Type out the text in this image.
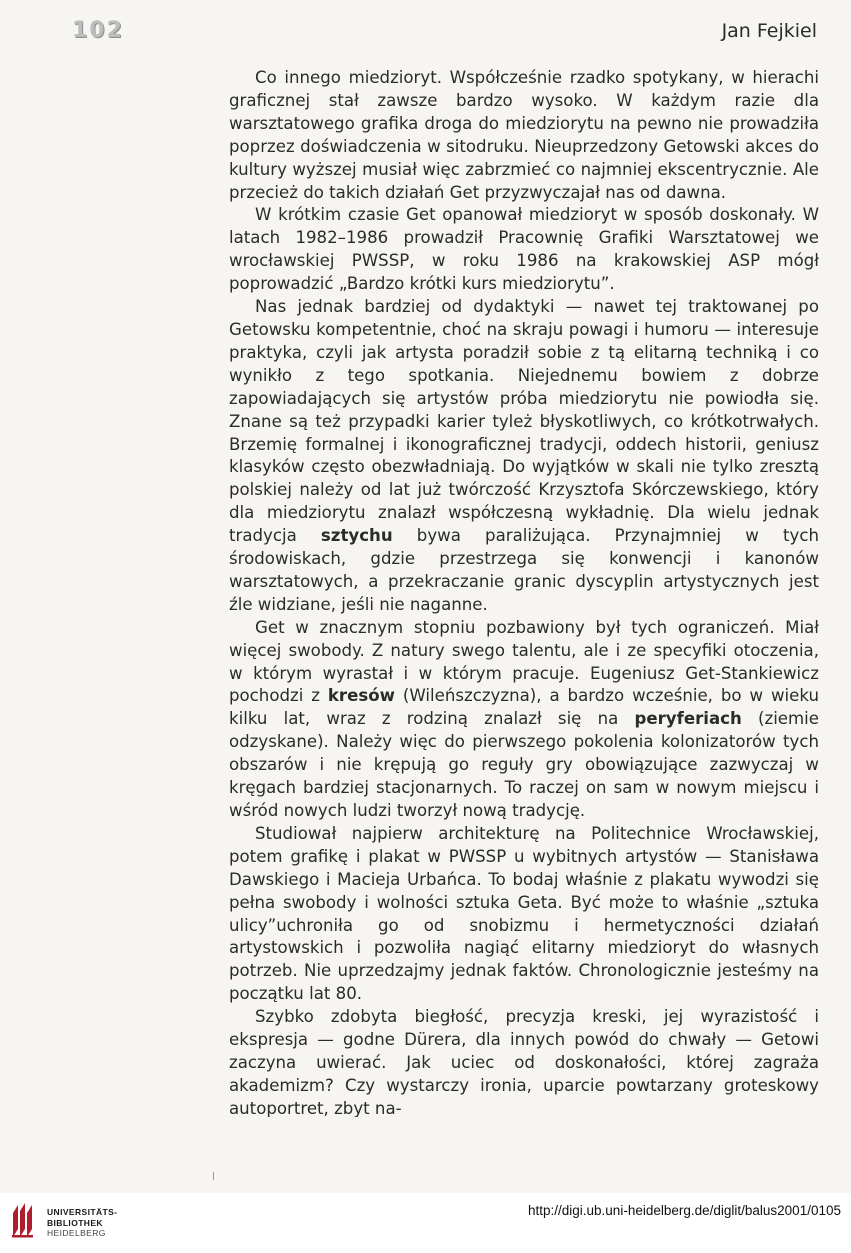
102	Jan Fejkiel

Co innego miedzioryt. Współcześnie rzadko spotykany, w hierachi graficznej stał zawsze bardzo wysoko. W każdym razie dla warsztatowego grafika droga do miedziorytu na pewno nie prowadziła poprzez doświadczenia w sitodruku. Nieuprzedzony Getowski akces do kultury wyższej musiał więc zabrzmieć co najmniej ekscentrycznie. Ale przecież do takich działań Get przyzwyczajał nas od dawna.

W krótkim czasie Get opanował miedzioryt w sposób doskonały. W latach 1982–1986 prowadził Pracownię Grafiki Warsztatowej we wrocławskiej PWSSP, w roku 1986 na krakowskiej ASP mógł poprowadzić „Bardzo krótki kurs miedziorytu”.

Nas jednak bardziej od dydaktyki — nawet tej traktowanej po Getowsku kompetentnie, choć na skraju powagi i humoru — interesuje praktyka, czyli jak artysta poradził sobie z tą elitarną techniką i co wynikło z tego spotkania. Niejednemu bowiem z dobrze zapowiadających się artystów próba miedziorytu nie powiodła się. Znane są też przypadki karier tyleż błyskotliwych, co krótkotrwałych. Brzemię formalnej i ikonograficznej tradycji, oddech historii, geniusz klasyków często obezwładniają. Do wyjątków w skali nie tylko zresztą polskiej należy od lat już twórczość Krzysztofa Skórczewskiego, który dla miedziorytu znalazł współczesną wykładnię. Dla wielu jednak tradycja sztychu bywa paraliżująca. Przynajmniej w tych środowiskach, gdzie przestrzega się konwencji i kanonów warsztatowych, a przekraczanie granic dyscyplin artystycznych jest źle widziane, jeśli nie naganne.

Get w znacznym stopniu pozbawiony był tych ograniczeń. Miał więcej swobody. Z natury swego talentu, ale i ze specyfiki otoczenia, w którym wyrastał i w którym pracuje. Eugeniusz Get-Stankiewicz pochodzi z kresów (Wileńszczyzna), a bardzo wcześnie, bo w wieku kilku lat, wraz z rodziną znalazł się na peryferiach (ziemie odzyskane). Należy więc do pierwszego pokolenia kolonizatorów tych obszarów i nie krępują go reguły gry obowiązujące zazwyczaj w kręgach bardziej stacjonarnych. To raczej on sam w nowym miejscu i wśród nowych ludzi tworzył nową tradycję.

Studiował najpierw architekturę na Politechnice Wrocławskiej, potem grafikę i plakat w PWSSP u wybitnych artystów — Stanisława Dawskiego i Macieja Urbańca. To bodaj właśnie z plakatu wywodzi się pełna swobody i wolności sztuka Geta. Być może to właśnie „sztuka ulicy”uchroniła go od snobizmu i hermetyczności działań artystowskich i pozwoliła nagiąć elitarny miedzioryt do własnych potrzeb. Nie uprzedzajmy jednak faktów. Chronologicznie jesteśmy na początku lat 80.

Szybko zdobyta biegłość, precyzja kreski, jej wyrazistość i ekspresja — godne Dürera, dla innych powód do chwały — Getowi zaczyna uwierać. Jak uciec od doskonałości, której zagraża akademizm? Czy wystarczy ironia, uparcie powtarzany groteskowy autoportret, zbyt na-

UNIVERSITÄTS-
BIBLIOTHEK
HEIDELBERG
http://digi.ub.uni-heidelberg.de/diglit/balus2001/0105
